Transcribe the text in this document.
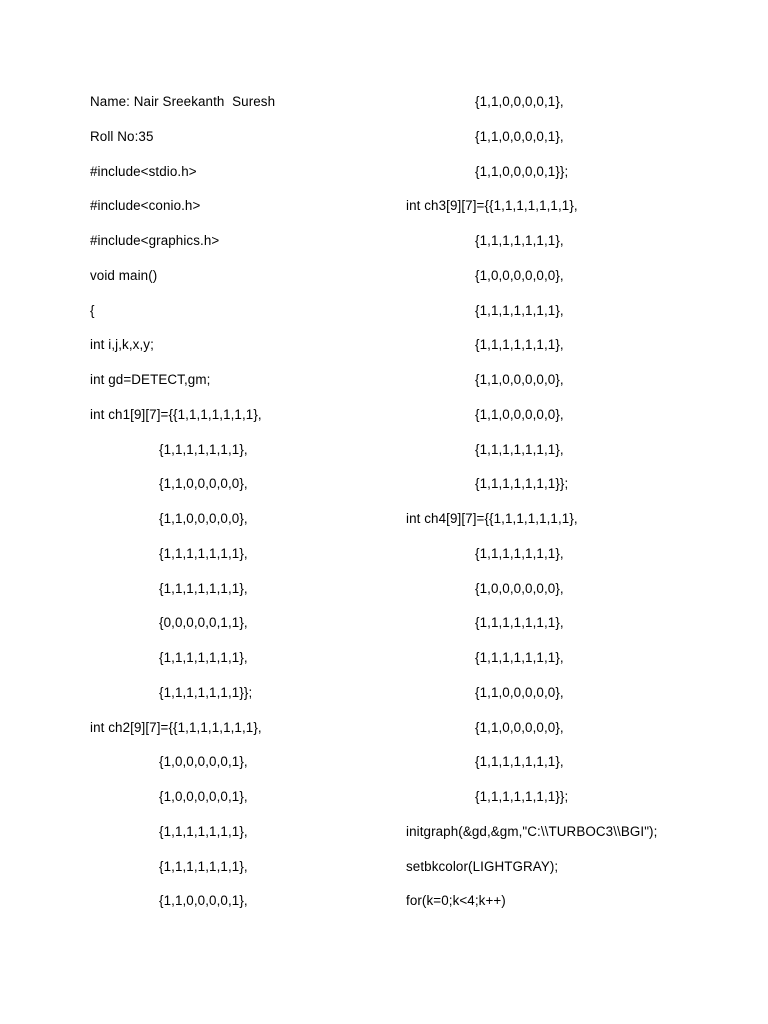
Name: Nair Sreekanth  Suresh
Roll No:35
#include<stdio.h>
#include<conio.h>
#include<graphics.h>
void main()
{
int i,j,k,x,y;
int gd=DETECT,gm;
int ch1[9][7]={{1,1,1,1,1,1,1},
{1,1,1,1,1,1,1},
{1,1,0,0,0,0,0},
{1,1,0,0,0,0,0},
{1,1,1,1,1,1,1},
{1,1,1,1,1,1,1},
{0,0,0,0,0,1,1},
{1,1,1,1,1,1,1},
{1,1,1,1,1,1,1}};
int ch2[9][7]={{1,1,1,1,1,1,1},
{1,0,0,0,0,0,1},
{1,0,0,0,0,0,1},
{1,1,1,1,1,1,1},
{1,1,1,1,1,1,1},
{1,1,0,0,0,0,1},
{1,1,0,0,0,0,1},
{1,1,0,0,0,0,1},
{1,1,0,0,0,0,1}};
int ch3[9][7]={{1,1,1,1,1,1,1},
{1,1,1,1,1,1,1},
{1,0,0,0,0,0,0},
{1,1,1,1,1,1,1},
{1,1,1,1,1,1,1},
{1,1,0,0,0,0,0},
{1,1,0,0,0,0,0},
{1,1,1,1,1,1,1},
{1,1,1,1,1,1,1}};
int ch4[9][7]={{1,1,1,1,1,1,1},
{1,1,1,1,1,1,1},
{1,0,0,0,0,0,0},
{1,1,1,1,1,1,1},
{1,1,1,1,1,1,1},
{1,1,0,0,0,0,0},
{1,1,0,0,0,0,0},
{1,1,1,1,1,1,1},
{1,1,1,1,1,1,1}};
initgraph(&gd,&gm,"C:\\TURBOC3\\BGI");
setbkcolor(LIGHTGRAY);
for(k=0;k<4;k++)
